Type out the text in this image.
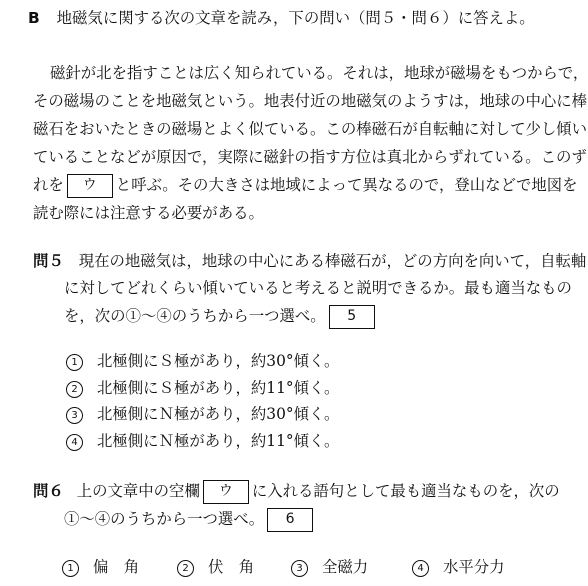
B 地磁気に関する次の文章を読み，下の問い（問５・問６）に答えよ。
磁針が北を指すことは広く知られている。それは，地球が磁場をもつからで，
その磁場のことを地磁気という。地表付近の地磁気のようすは，地球の中心に棒
磁石をおいたときの磁場とよく似ている。この棒磁石が自転軸に対して少し傾い
ていることなどが原因で，実際に磁針の指す方位は真北からずれている。このず
れを ウ と呼ぶ。その大きさは地域によって異なるので，登山などで地図を
読む際には注意する必要がある。
問５ 現在の地磁気は，地球の中心にある棒磁石が，どの方向を向いて，自転軸
に対してどれくらい傾いていると考えると説明できるか。最も適当なもの
を，次の①～④のうちから一つ選べ。 5
1 北極側にＳ極があり，約30°傾く。
2 北極側にＳ極があり，約11°傾く。
3 北極側にＮ極があり，約30°傾く。
4 北極側にＮ極があり，約11°傾く。
問６ 上の文章中の空欄 ウ に入れる語句として最も適当なものを，次の
①～④のうちから一つ選べ。 6
1 偏　角	2 伏　角	3 全磁力	4 水平分力
